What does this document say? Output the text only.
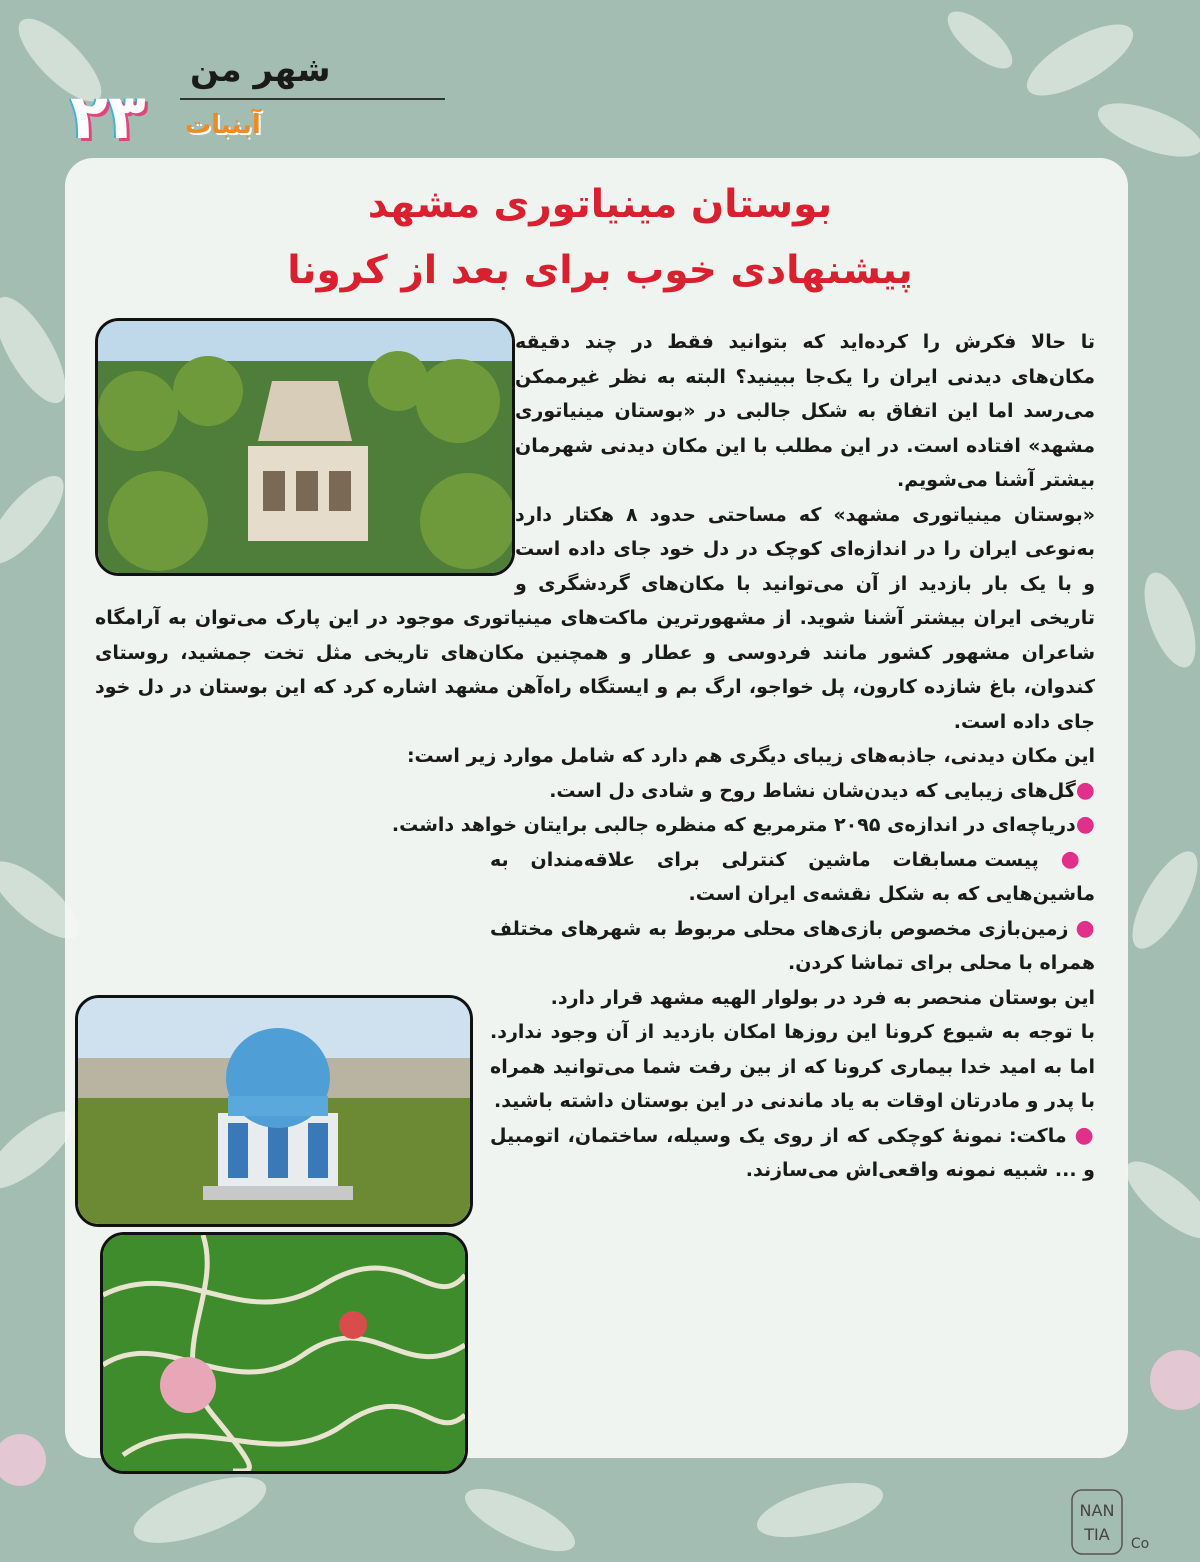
۲۳
شهر من
آبنبات
بوستان مینیاتوری مشهد
پیشنهادی خوب برای بعد از کرونا

تا حالا فکرش را کرده‌اید که بتوانید فقط در چند دقیقه مکان‌های دیدنی ایران را یک‌جا ببینید؟ البته به نظر غیرممکن می‌رسد اما این اتفاق به شکل جالبی در «بوستان مینیاتوری مشهد» افتاده است. در این مطلب با این مکان دیدنی شهرمان بیشتر آشنا می‌شویم.

«بوستان مینیاتوری مشهد» که مساحتی حدود ۸ هکتار دارد به‌نوعی ایران را در اندازه‌ای کوچک در دل خود جای داده است و با یک بار بازدید از آن می‌توانید با مکان‌های گردشگری و تاریخی ایران بیشتر آشنا شوید. از مشهورترین ماکت‌های مینیاتوری موجود در این پارک می‌توان به آرامگاه شاعران مشهور کشور مانند فردوسی و عطار و همچنین مکان‌های تاریخی مثل تخت جمشید، روستای کندوان، باغ شازده کارون، پل خواجو، ارگ بم و ایستگاه راه‌آهن مشهد اشاره کرد که این بوستان در دل خود جای داده است.

این مکان دیدنی، جاذبه‌های زیبای دیگری هم دارد که شامل موارد زیر است:

●گل‌های زیبایی که دیدن‌شان نشاط روح و شادی دل است.
●دریاچه‌ای در اندازه‌ی ۲۰۹۵ مترمربع که منظره جالبی برایتان خواهد داشت.
● پیست مسابقات ماشین کنترلی برای علاقه‌مندان به ماشین‌هایی که به شکل نقشه‌ی ایران است.
● زمین‌بازی مخصوص بازی‌های محلی مربوط به شهرهای مختلف همراه با محلی برای تماشا کردن.

این بوستان منحصر به فرد در بولوار الهیه مشهد قرار دارد.

با توجه به شیوع کرونا این روزها امکان بازدید از آن وجود ندارد. اما به امید خدا بیماری کرونا که از بین رفت شما می‌توانید همراه با پدر و مادرتان اوقات به یاد ماندنی در این بوستان داشته باشید.

● ماکت: نمونهٔ کوچکی که از روی یک وسیله، ساختمان، اتومبیل و ... شبیه نمونه واقعی‌اش می‌سازند.
NAN
TIA Co
